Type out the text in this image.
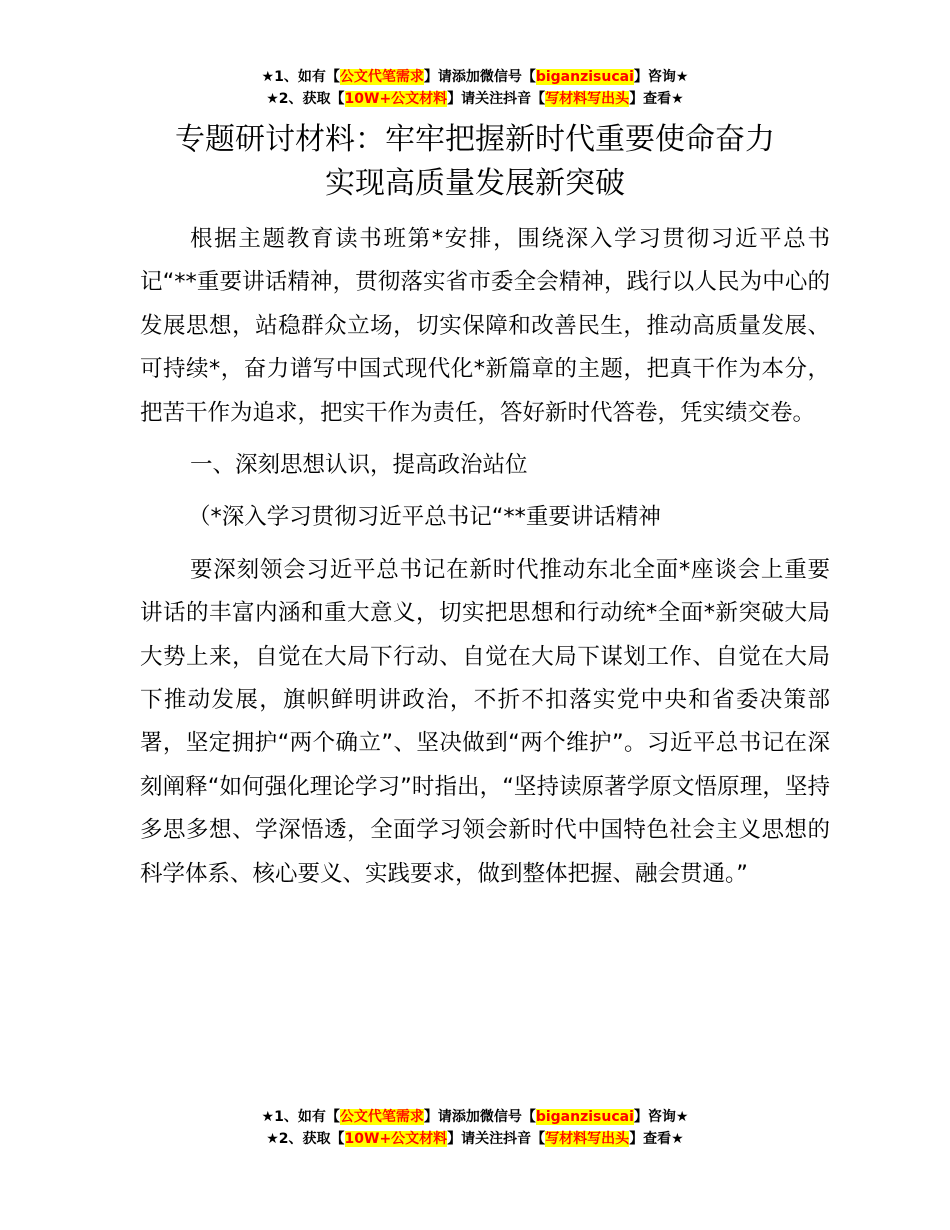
★1、如有【公文代笔需求】请添加微信号【biganzisucai】咨询★
★2、获取【10W+公文材料】请关注抖音【写材料写出头】查看★
专题研讨材料：牢牢把握新时代重要使命奋力
实现高质量发展新突破

根据主题教育读书班第*安排，围绕深入学习贯彻习近平总书记“**重要讲话精神，贯彻落实省市委全会精神，践行以人民为中心的发展思想，站稳群众立场，切实保障和改善民生，推动高质量发展、可持续*，奋力谱写中国式现代化*新篇章的主题，把真干作为本分，把苦干作为追求，把实干作为责任，答好新时代答卷，凭实绩交卷。

一、深刻思想认识，提高政治站位

（*深入学习贯彻习近平总书记“**重要讲话精神

要深刻领会习近平总书记在新时代推动东北全面*座谈会上重要讲话的丰富内涵和重大意义，切实把思想和行动统*全面*新突破大局大势上来，自觉在大局下行动、自觉在大局下谋划工作、自觉在大局下推动发展，旗帜鲜明讲政治，不折不扣落实党中央和省委决策部署，坚定拥护“两个确立”、坚决做到“两个维护”。习近平总书记在深刻阐释“如何强化理论学习”时指出，“坚持读原著学原文悟原理，坚持多思多想、学深悟透，全面学习领会新时代中国特色社会主义思想的科学体系、核心要义、实践要求，做到整体把握、融会贯通。”

★1、如有【公文代笔需求】请添加微信号【biganzisucai】咨询★
★2、获取【10W+公文材料】请关注抖音【写材料写出头】查看★
